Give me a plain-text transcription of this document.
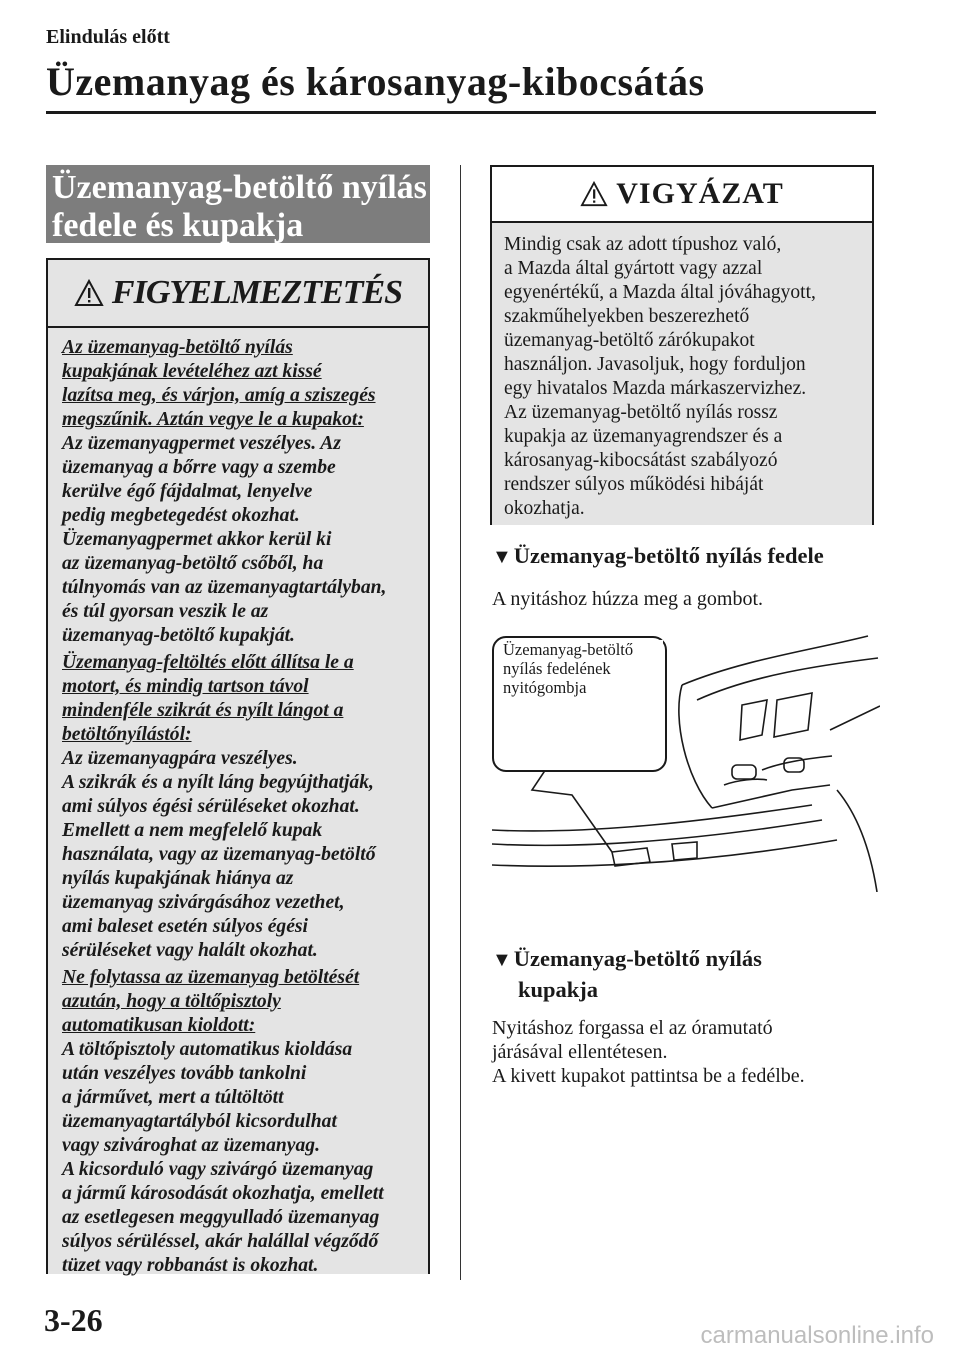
Elindulás előtt
Üzemanyag és károsanyag-kibocsátás
Üzemanyag-betöltő nyílás
fedele és kupakja
FIGYELMEZTETÉS
Az üzemanyag-betöltő nyílás
kupakjának levételéhez azt kissé
lazítsa meg, és várjon, amíg a sziszegés
megszűnik. Aztán vegye le a kupakot:
Az üzemanyagpermet veszélyes. Az
üzemanyag a bőrre vagy a szembe
kerülve égő fájdalmat, lenyelve
pedig megbetegedést okozhat.
Üzemanyagpermet akkor kerül ki
az üzemanyag-betöltő csőből, ha
túlnyomás van az üzemanyagtartályban,
és túl gyorsan veszik le az
üzemanyag-betöltő kupakját.
Üzemanyag-feltöltés előtt állítsa le a
motort, és mindig tartson távol
mindenféle szikrát és nyílt lángot a
betöltőnyílástól:
Az üzemanyagpára veszélyes.
A szikrák és a nyílt láng begyújthatják,
ami súlyos égési sérüléseket okozhat.
Emellett a nem megfelelő kupak
használata, vagy az üzemanyag-betöltő
nyílás kupakjának hiánya az
üzemanyag szivárgásához vezethet,
ami baleset esetén súlyos égési
sérüléseket vagy halált okozhat.
Ne folytassa az üzemanyag betöltését
azután, hogy a töltőpisztoly
automatikusan kioldott:
A töltőpisztoly automatikus kioldása
után veszélyes tovább tankolni
a járművet, mert a túltöltött
üzemanyagtartályból kicsordulhat
vagy szivároghat az üzemanyag.
A kicsorduló vagy szivárgó üzemanyag
a jármű károsodását okozhatja, emellett
az esetlegesen meggyulladó üzemanyag
súlyos sérüléssel, akár halállal végződő
tüzet vagy robbanást is okozhat.
VIGYÁZAT
Mindig csak az adott típushoz való,
a Mazda által gyártott vagy azzal
egyenértékű, a Mazda által jóváhagyott,
szakműhelyekben beszerezhető
üzemanyag-betöltő zárókupakot
használjon. Javasoljuk, hogy forduljon
egy hivatalos Mazda márkaszervizhez.
Az üzemanyag-betöltő nyílás rossz
kupakja az üzemanyagrendszer és a
károsanyag-kibocsátást szabályozó
rendszer súlyos működési hibáját
okozhatja.
▼Üzemanyag-betöltő nyílás fedele

A nyitáshoz húzza meg a gombot.

Üzemanyag-betöltő
nyílás fedelének
nyitógombja
▼Üzemanyag-betöltő nyílás
kupakja

Nyitáshoz forgassa el az óramutató
járásával ellentétesen.
A kivett kupakot pattintsa be a fedélbe.

3-26	carmanualsonline.info
